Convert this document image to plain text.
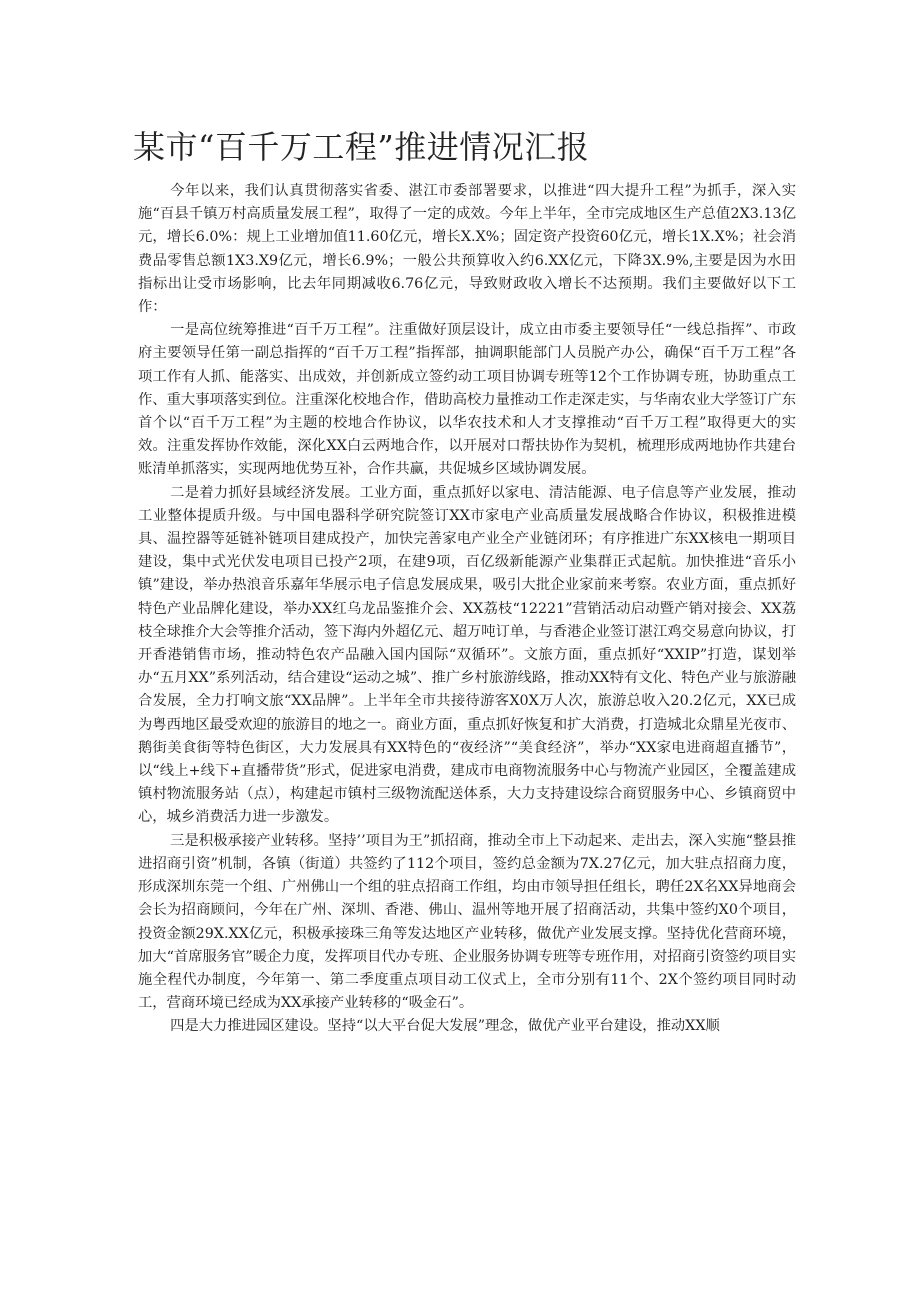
某市“百千万工程”推进情况汇报

今年以来，我们认真贯彻落实省委、湛江市委部署要求，以推进“四大提升工程”为抓手，深入实施“百县千镇万村高质量发展工程”，取得了一定的成效。今年上半年，全市完成地区生产总值2X3.13亿元，增长6.0%：规上工业增加值11.60亿元，增长X.X%；固定资产投资60亿元，增长1X.X%；社会消费品零售总额1X3.X9亿元，增长6.9%；一般公共预算收入约6.XX亿元，下降3X.9%,主要是因为水田指标出让受市场影响，比去年同期减收6.76亿元，导致财政收入增长不达预期。我们主要做好以下工作：

一是高位统筹推进“百千万工程”。注重做好顶层设计，成立由市委主要领导任“一线总指挥”、市政府主要领导任第一副总指挥的“百千万工程”指挥部，抽调职能部门人员脱产办公，确保“百千万工程”各项工作有人抓、能落实、出成效，并创新成立签约动工项目协调专班等12个工作协调专班，协助重点工作、重大事项落实到位。注重深化校地合作，借助高校力量推动工作走深走实，与华南农业大学签订广东首个以“百千万工程”为主题的校地合作协议，以华农技术和人才支撑推动“百千万工程”取得更大的实效。注重发挥协作效能，深化XX白云两地合作，以开展对口帮扶协作为契机，梳理形成两地协作共建台账清单抓落实，实现两地优势互补，合作共赢，共促城乡区域协调发展。

二是着力抓好县域经济发展。工业方面，重点抓好以家电、清洁能源、电子信息等产业发展，推动工业整体提质升级。与中国电器科学研究院签订XX市家电产业高质量发展战略合作协议，积极推进模具、温控器等延链补链项目建成投产，加快完善家电产业全产业链闭环；有序推进广东XX核电一期项目建设，集中式光伏发电项目已投产2项，在建9项，百亿级新能源产业集群正式起航。加快推进“音乐小镇”建设，举办热浪音乐嘉年华展示电子信息发展成果，吸引大批企业家前来考察。农业方面，重点抓好特色产业品牌化建设，举办XX红乌龙品鉴推介会、XX荔枝“12221”营销活动启动暨产销对接会、XX荔枝全球推介大会等推介活动，签下海内外超亿元、超万吨订单，与香港企业签订湛江鸡交易意向协议，打开香港销售市场，推动特色农产品融入国内国际“双循环”。文旅方面，重点抓好“XXIP”打造，谋划举办“五月XX”系列活动，结合建设“运动之城”、推广乡村旅游线路，推动XX特有文化、特色产业与旅游融合发展，全力打响文旅“XX品牌”。上半年全市共接待游客X0X万人次，旅游总收入20.2亿元，XX已成为粤西地区最受欢迎的旅游目的地之一。商业方面，重点抓好恢复和扩大消费，打造城北众鼎星光夜市、鹅街美食街等特色街区，大力发展具有XX特色的“夜经济”“美食经济”，举办“XX家电进商超直播节”，以“线上+线下+直播带货”形式，促进家电消费，建成市电商物流服务中心与物流产业园区，全覆盖建成镇村物流服务站（点），构建起市镇村三级物流配送体系，大力支持建设综合商贸服务中心、乡镇商贸中心，城乡消费活力进一步激发。

三是积极承接产业转移。坚持’’项目为王”抓招商，推动全市上下动起来、走出去，深入实施“整县推进招商引资”机制，各镇（街道）共签约了112个项目，签约总金额为7X.27亿元，加大驻点招商力度，形成深圳东莞一个组、广州佛山一个组的驻点招商工作组，均由市领导担任组长，聘任2X名XX异地商会会长为招商顾问，今年在广州、深圳、香港、佛山、温州等地开展了招商活动，共集中签约X0个项目，投资金额29X.XX亿元，积极承接珠三角等发达地区产业转移，做优产业发展支撑。坚持优化营商环境，加大“首席服务官”暖企力度，发挥项目代办专班、企业服务协调专班等专班作用，对招商引资签约项目实施全程代办制度，今年第一、第二季度重点项目动工仪式上，全市分别有11个、2X个签约项目同时动工，营商环境已经成为XX承接产业转移的“吸金石”。

四是大力推进园区建设。坚持“以大平台促大发展”理念，做优产业平台建设，推动XX顺
